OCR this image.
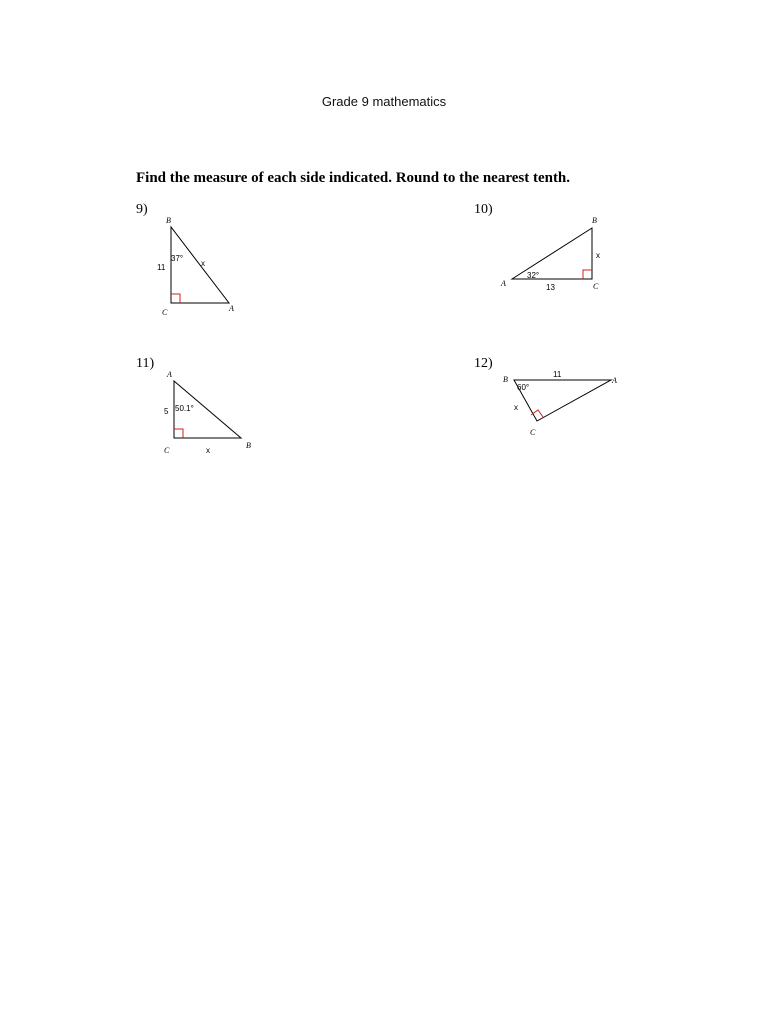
Grade 9 mathematics
Find the measure of each side indicated. Round to the nearest tenth.
9)
B
C	A
37°
11	x
10)
A
B
C
32°
13
x
11)
A
C
B
50.1°
5
x
12)
B	A
C
60°
11
x
